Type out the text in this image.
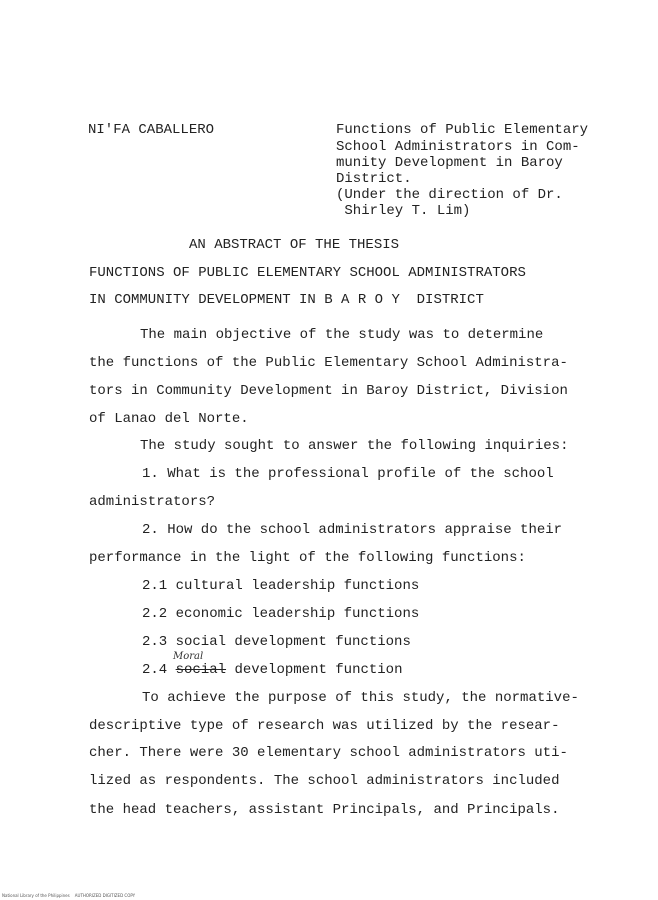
NI'FA CABALLERO	Functions of Public Elementary
School Administrators in Com-
munity Development in Baroy
District.
(Under the direction of Dr.
Shirley T. Lim)
AN ABSTRACT OF THE THESIS
FUNCTIONS OF PUBLIC ELEMENTARY SCHOOL ADMINISTRATORS
IN COMMUNITY DEVELOPMENT IN B A R O Y  DISTRICT
The main objective of the study was to determine
the functions of the Public Elementary School Administra-
tors in Community Development in Baroy District, Division
of Lanao del Norte.
The study sought to answer the following inquiries:
1. What is the professional profile of the school
administrators?
2. How do the school administrators appraise their
performance in the light of the following functions:
2.1 cultural leadership functions
2.2 economic leadership functions
2.3 social development functions
Moral
2.4 social development function
To achieve the purpose of this study, the normative-
descriptive type of research was utilized by the resear-
cher. There were 30 elementary school administrators uti-
lized as respondents. The school administrators included
the head teachers, assistant Principals, and Principals.
National Library of the Philippines    AUTHORIZED DIGITIZED COPY
